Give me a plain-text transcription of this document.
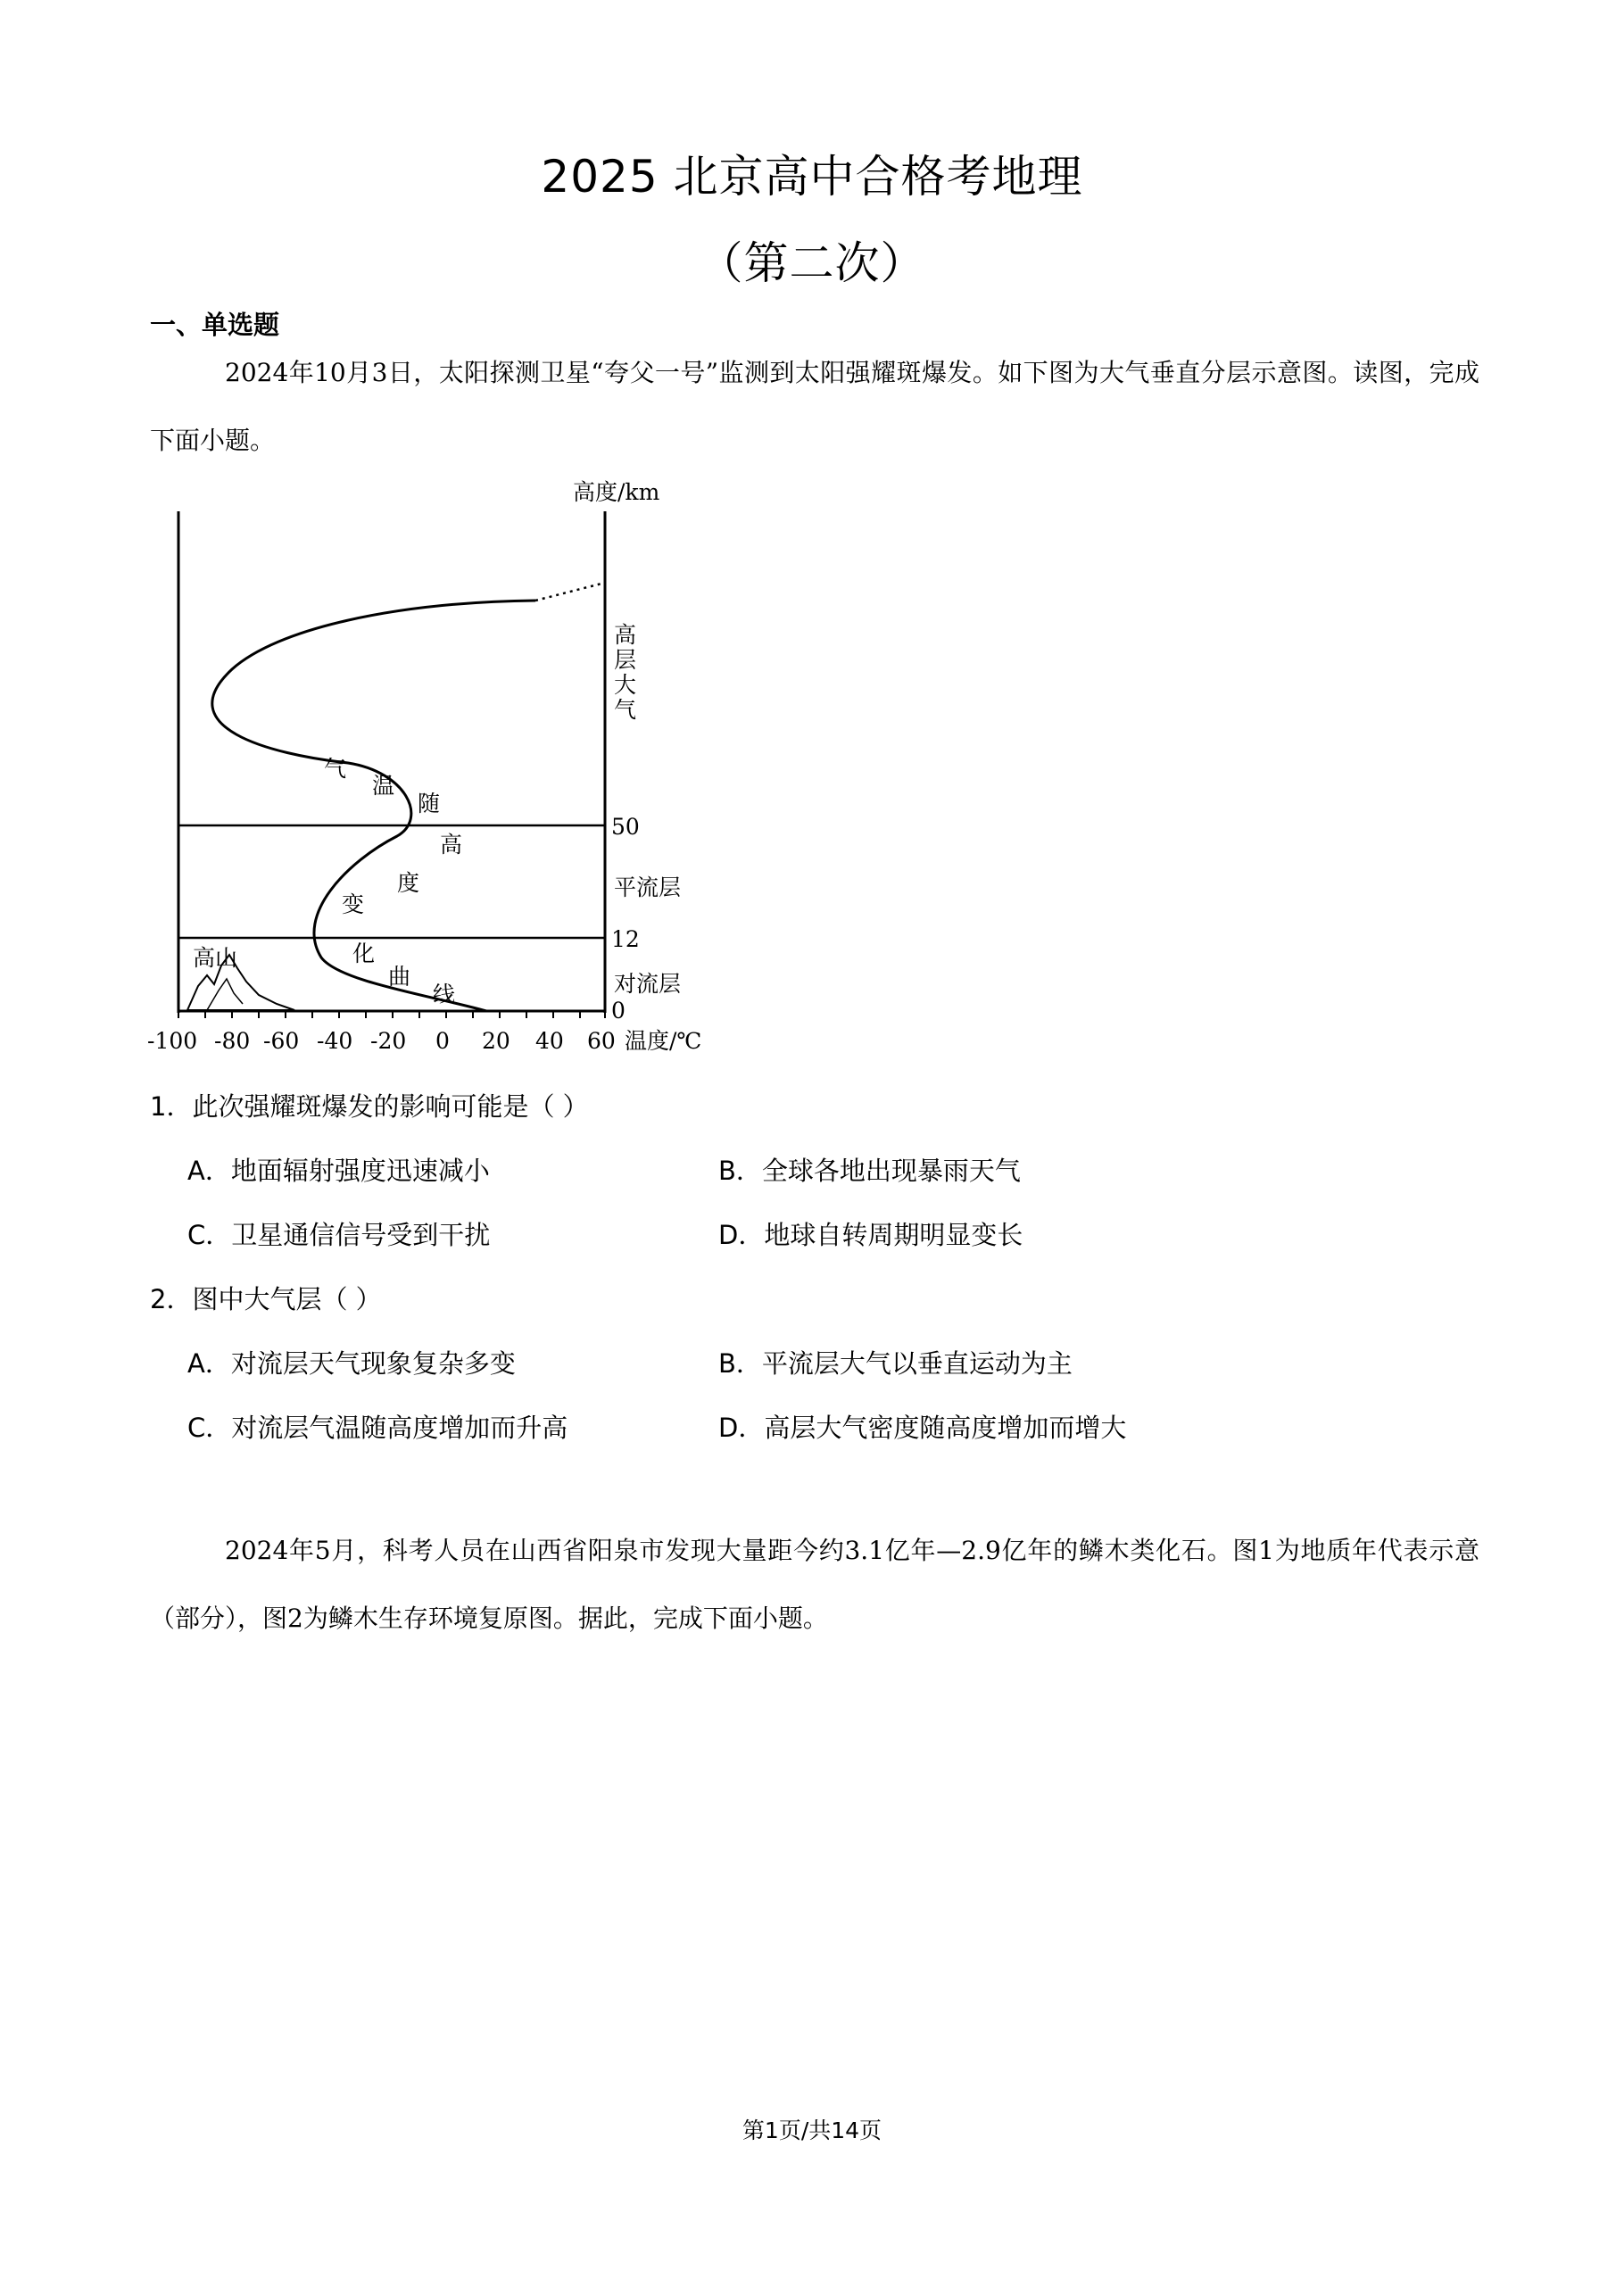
2025 北京高中合格考地理
（第二次）
一、单选题
2024年10月3日，太阳探测卫星“夸父一号”监测到太阳强耀斑爆发。如下图为大气垂直分层示意图。读图，完成下面小题。
-100 -80 -60 -40 -20 0 20 40 60 温度/℃
高度/km
50
12
0
高
层
大
气
平流层
对流层
高山
气
温
随
高
度
变
化
曲
线
1．此次强耀斑爆发的影响可能是（ ）
A．地面辐射强度迅速减小	B．全球各地出现暴雨天气
C．卫星通信信号受到干扰	D．地球自转周期明显变长
2．图中大气层（ ）
A．对流层天气现象复杂多变	B．平流层大气以垂直运动为主
C．对流层气温随高度增加而升高	D．高层大气密度随高度增加而增大
2024年5月，科考人员在山西省阳泉市发现大量距今约3.1亿年—2.9亿年的鳞木类化石。图1为地质年代表示意（部分），图2为鳞木生存环境复原图。据此，完成下面小题。
第1页/共14页
